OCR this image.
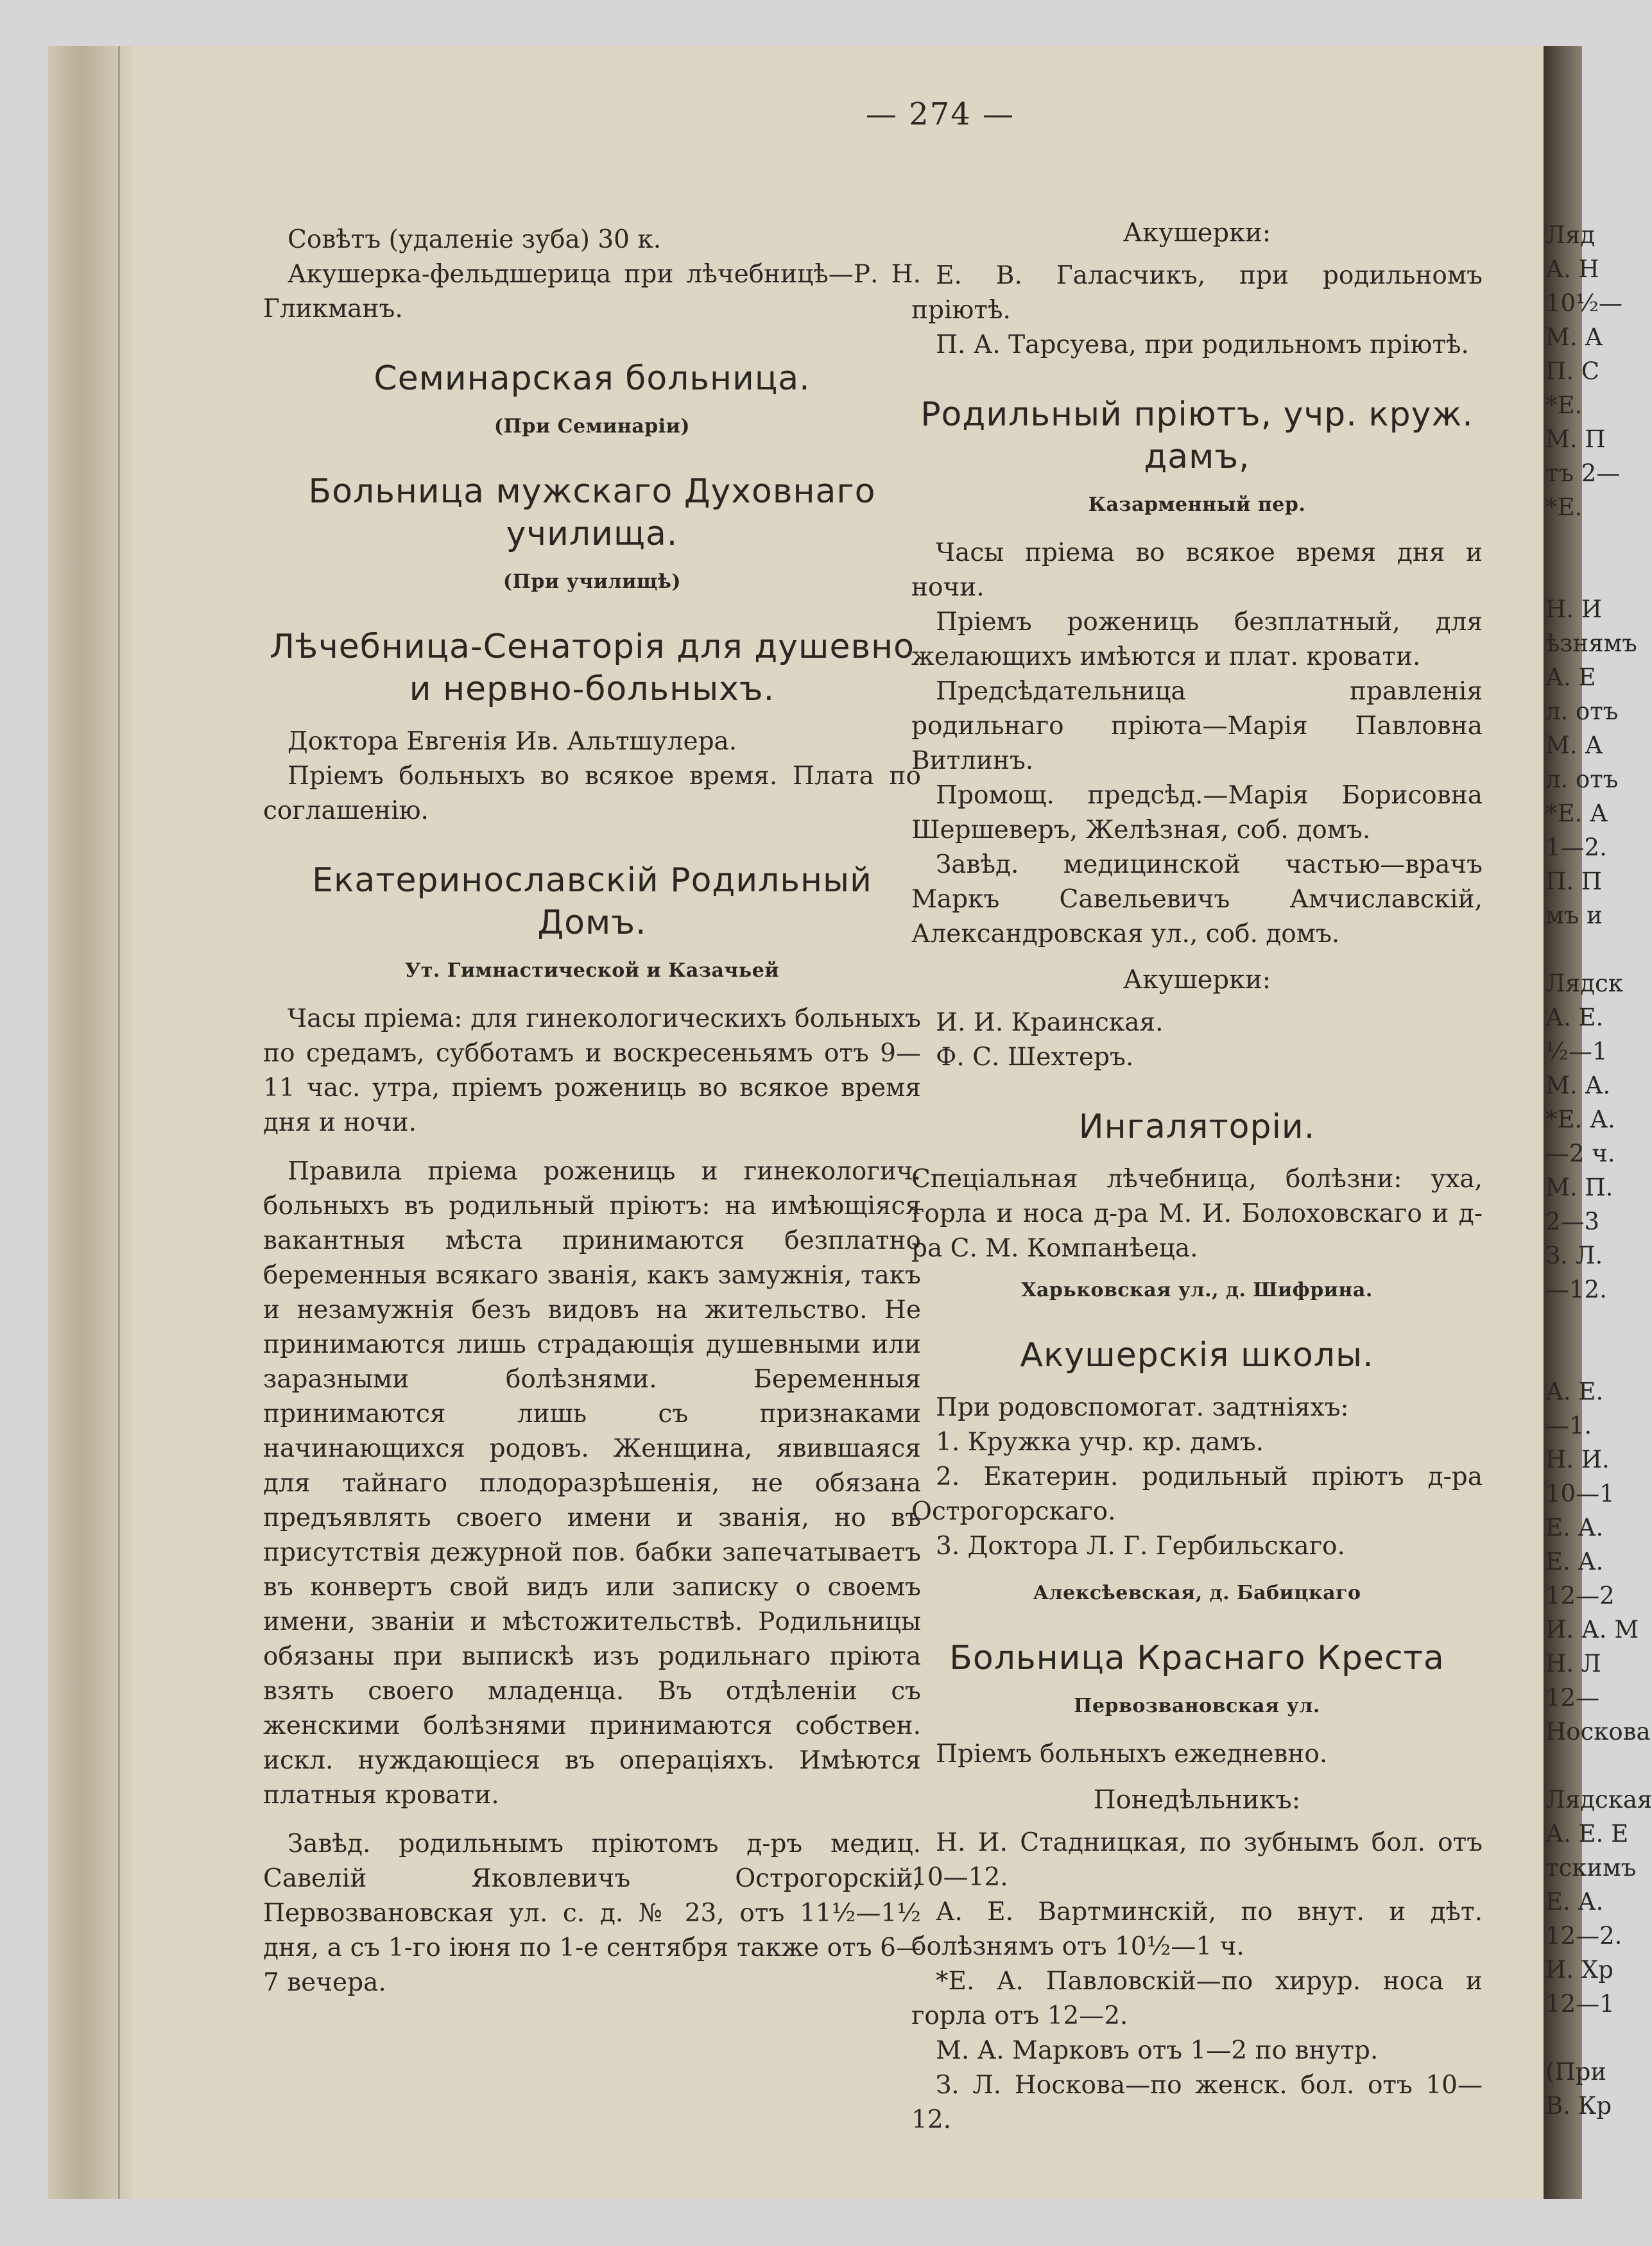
— 274 —

Совѣтъ (удаленіе зуба) 30 к.

Акушерка-фельдшерица при лѣчебницѣ—Р. Н. Гликманъ.

Семинарская больница.
(При Семинаріи)
Больница мужскаго Духовнаго училища.
(При училищѣ)
Лѣчебница-Сенаторія для душевно и нервно-больныхъ.

Доктора Евгенія Ив. Альтшулера.

Пріемъ больныхъ во всякое время. Плата по соглашенію.

Екатеринославскій Родильный Домъ.
Ут. Гимнастической и Казачьей

Часы пріема: для гинекологическихъ больныхъ по средамъ, субботамъ и воскресеньямъ отъ 9—11 час. утра, пріемъ рожениць во всякое время дня и ночи.

Правила пріема рожениць и гинекологич. больныхъ въ родильный пріютъ: на имѣющіяся вакантныя мѣста принимаются безплатно беременныя всякаго званія, какъ замужнія, такъ и незамужнія безъ видовъ на жительство. Не принимаются лишь страдающія душевными или заразными болѣзнями. Беременныя принимаются лишь съ признаками начинающихся родовъ. Женщина, явившаяся для тайнаго плодоразрѣшенія, не обязана предъявлять своего имени и званія, но въ присутствія дежурной пов. бабки запечатываетъ въ конвертъ свой видъ или записку о своемъ имени, званіи и мѣстожительствѣ. Родильницы обязаны при выпискѣ изъ родильнаго пріюта взять своего младенца. Въ отдѣленіи съ женскими болѣзнями принимаются собствен. искл. нуждающіеся въ операціяхъ. Имѣются платныя кровати.

Завѣд. родильнымъ пріютомъ д-ръ медиц. Савелій Яковлевичъ Острогорскій, Первозвановская ул. с. д. № 23, отъ 11½—1½ дня, а съ 1-го іюня по 1-е сентября также отъ 6—7 вечера.

Акушерки:

Е. В. Галасчикъ, при родильномъ пріютѣ.

П. А. Тарсуева, при родильномъ пріютѣ.

Родильный пріютъ, учр. круж. дамъ,
Казарменный пер.

Часы пріема во всякое время дня и ночи.

Пріемъ рожениць безплатный, для желающихъ имѣются и плат. кровати.

Предсѣдательница правленія родильнаго пріюта—Марія Павловна Витлинъ.

Промощ. предсѣд.—Марія Борисовна Шершеверъ, Желѣзная, соб. домъ.

Завѣд. медицинской частью—врачъ Маркъ Савельевичъ Амчиславскій, Александровская ул., соб. домъ.

Акушерки:

И. И. Краинская.

Ф. С. Шехтеръ.

Ингаляторіи.

Спеціальная лѣчебница, болѣзни: уха, горла и носа д-ра М. И. Болоховскаго и д-ра С. М. Компанѣеца.

Харьковская ул., д. Шифрина.
Акушерскія школы.

При родовспомогат. задтніяхъ:

1. Кружка учр. кр. дамъ.

2. Екатерин. родильный пріютъ д-ра Острогорскаго.

3. Доктора Л. Г. Гербильскаго.

Алексѣевская, д. Бабицкаго
Больница Краснаго Креста
Первозвановская ул.

Пріемъ больныхъ ежедневно.

Понедѣльникъ:

Н. И. Стадницкая, по зубнымъ бол. отъ 10—12.

А. Е. Вартминскій, по внут. и дѣт. болѣзнямъ отъ 10½—1 ч.

*Е. А. Павловскій—по хирур. носа и горла отъ 12—2.

М. А. Марковъ отъ 1—2 по внутр.

З. Л. Носкова—по женск. бол. отъ 10—12.

Ляд

А. Н

10½—

М. А

П. С

*Е.

М. П

тъ 2—

*Е.

Н. И

ѣзнямъ

А. Е

л. отъ

М. А

л. отъ

*Е. А

1—2.

П. П

мъ и

Лядск

А. Е.

½—1

М. А.

*Е. А.

—2 ч.

М. П.

2—3

З. Л.

—12.

А. Е.

—1.

Н. И.

10—1

Е. А.

Е. А.

12—2

И. А. М

Н. Л

12—

Носкова

Лядская

А. Е. Е

тскимъ

Е. А.

12—2.

И. Хр

12—1

(При

В. Кр
